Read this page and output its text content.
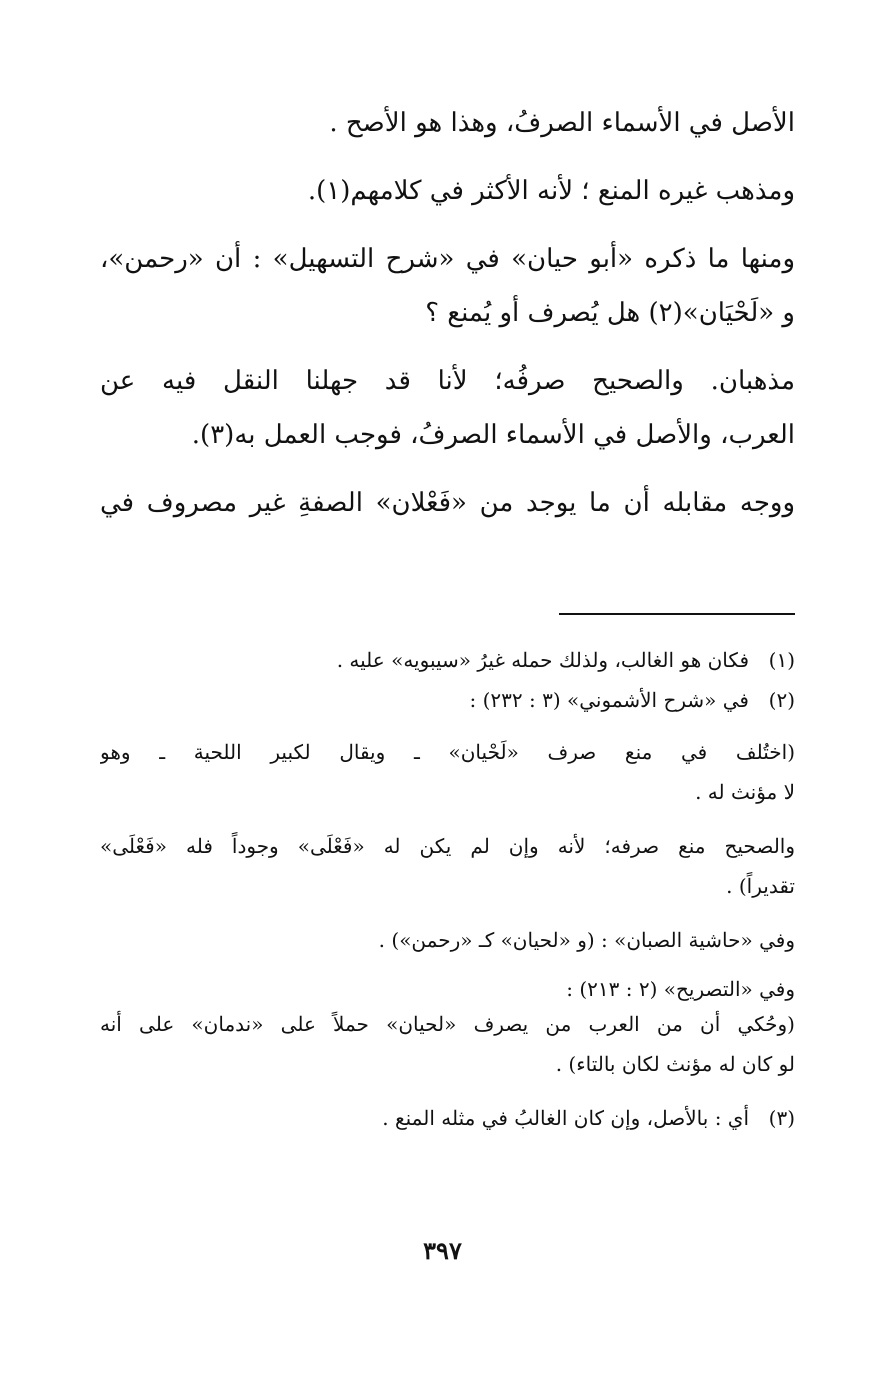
الأصل في الأسماء الصرفُ، وهذا هو الأصح .

ومذهب غيره المنع ؛ لأنه الأكثر في كلامهم(١).

ومنها ما ذكره «أبو حيان» في «شرح التسهيل» : أن «رحمن»،
و «لَحْيَان»(٢) هل يُصرف أو يُمنع ؟

مذهبان. والصحيح صرفُه؛ لأنا قد جهلنا النقل فيه عن
العرب، والأصل في الأسماء الصرفُ، فوجب العمل به(٣).

ووجه مقابله أن ما يوجد من «فَعْلان» الصفةِ غير مصروف في

(١)
فكان هو الغالب، ولذلك حمله غيرُ «سيبويه» عليه .
(٢)
في «شرح الأشموني» (٣ : ٢٣٢) :
(اختُلف في منع صرف «لَحْيان» ـ ويقال لكبير اللحية ـ وهو
لا مؤنث له .
والصحيح منع صرفه؛ لأنه وإن لم يكن له «فَعْلَى» وجوداً فله «فَعْلَى»
تقديراً) .
وفي «حاشية الصبان» : (و «لحيان» كـ «رحمن») .
وفي «التصريح» (٢ : ٢١٣) :
(وحُكي أن من العرب من يصرف «لحيان» حملاً على «ندمان» على أنه
لو كان له مؤنث لكان بالتاء) .
(٣)
أي : بالأصل، وإن كان الغالبُ في مثله المنع .
٣٩٧
